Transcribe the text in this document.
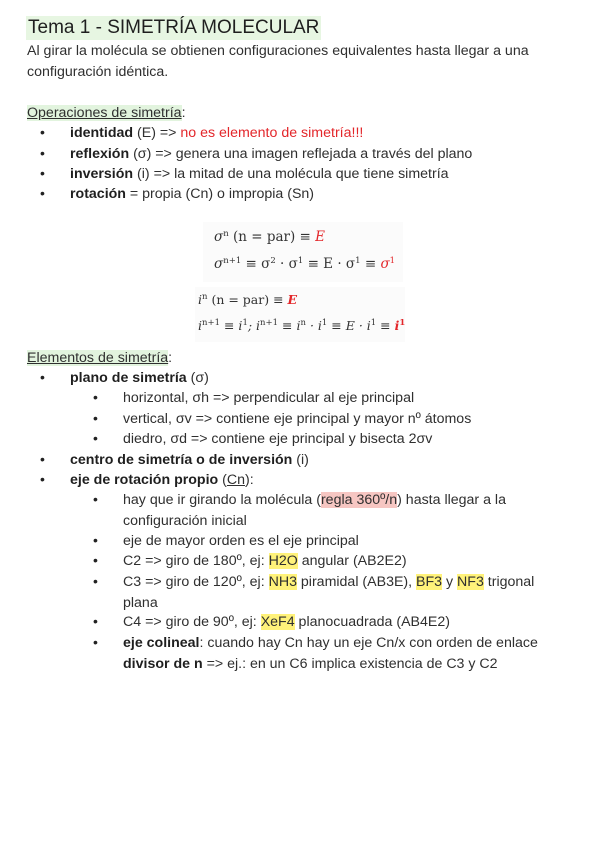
Tema 1 - SIMETRÍA MOLECULAR
Al girar la molécula se obtienen configuraciones equivalentes hasta llegar a una
configuración idéntica.
Operaciones de simetría:
• identidad (E) => no es elemento de simetría!!!
• reflexión (σ) => genera una imagen reflejada a través del plano
• inversión (i) => la mitad de una molécula que tiene simetría
• rotación = propia (Cn) o impropia (Sn)
$\sigma^n$ (n = par) ≡ E
$\sigma^{n+1} \equiv \sigma^2 \cdot \sigma^1 \equiv E \cdot \sigma^1 \equiv \sigma^1$
$i^n$ (n = par) ≡ E
$i^{n+1} \equiv i^1$; $i^{n+1} \equiv i^n \cdot i^1 \equiv E \cdot i^1 \equiv i^1$
Elementos de simetría:
• plano de simetría (σ)
• horizontal, σh => perpendicular al eje principal
• vertical, σv => contiene eje principal y mayor nº átomos
• diedro, σd => contiene eje principal y bisecta 2σv
• centro de simetría o de inversión (i)
• eje de rotación propio (Cn):
• hay que ir girando la molécula (regla 360º/n) hasta llegar a la
configuración inicial
• eje de mayor orden es el eje principal
• C2 => giro de 180º, ej: H2O angular (AB2E2)
• C3 => giro de 120º, ej: NH3 piramidal (AB3E), BF3 y NF3 trigonal
plana
• C4 => giro de 90º, ej: XeF4 planocuadrada (AB4E2)
• eje colineal: cuando hay Cn hay un eje Cn/x con orden de enlace
divisor de n => ej.: en un C6 implica existencia de C3 y C2
